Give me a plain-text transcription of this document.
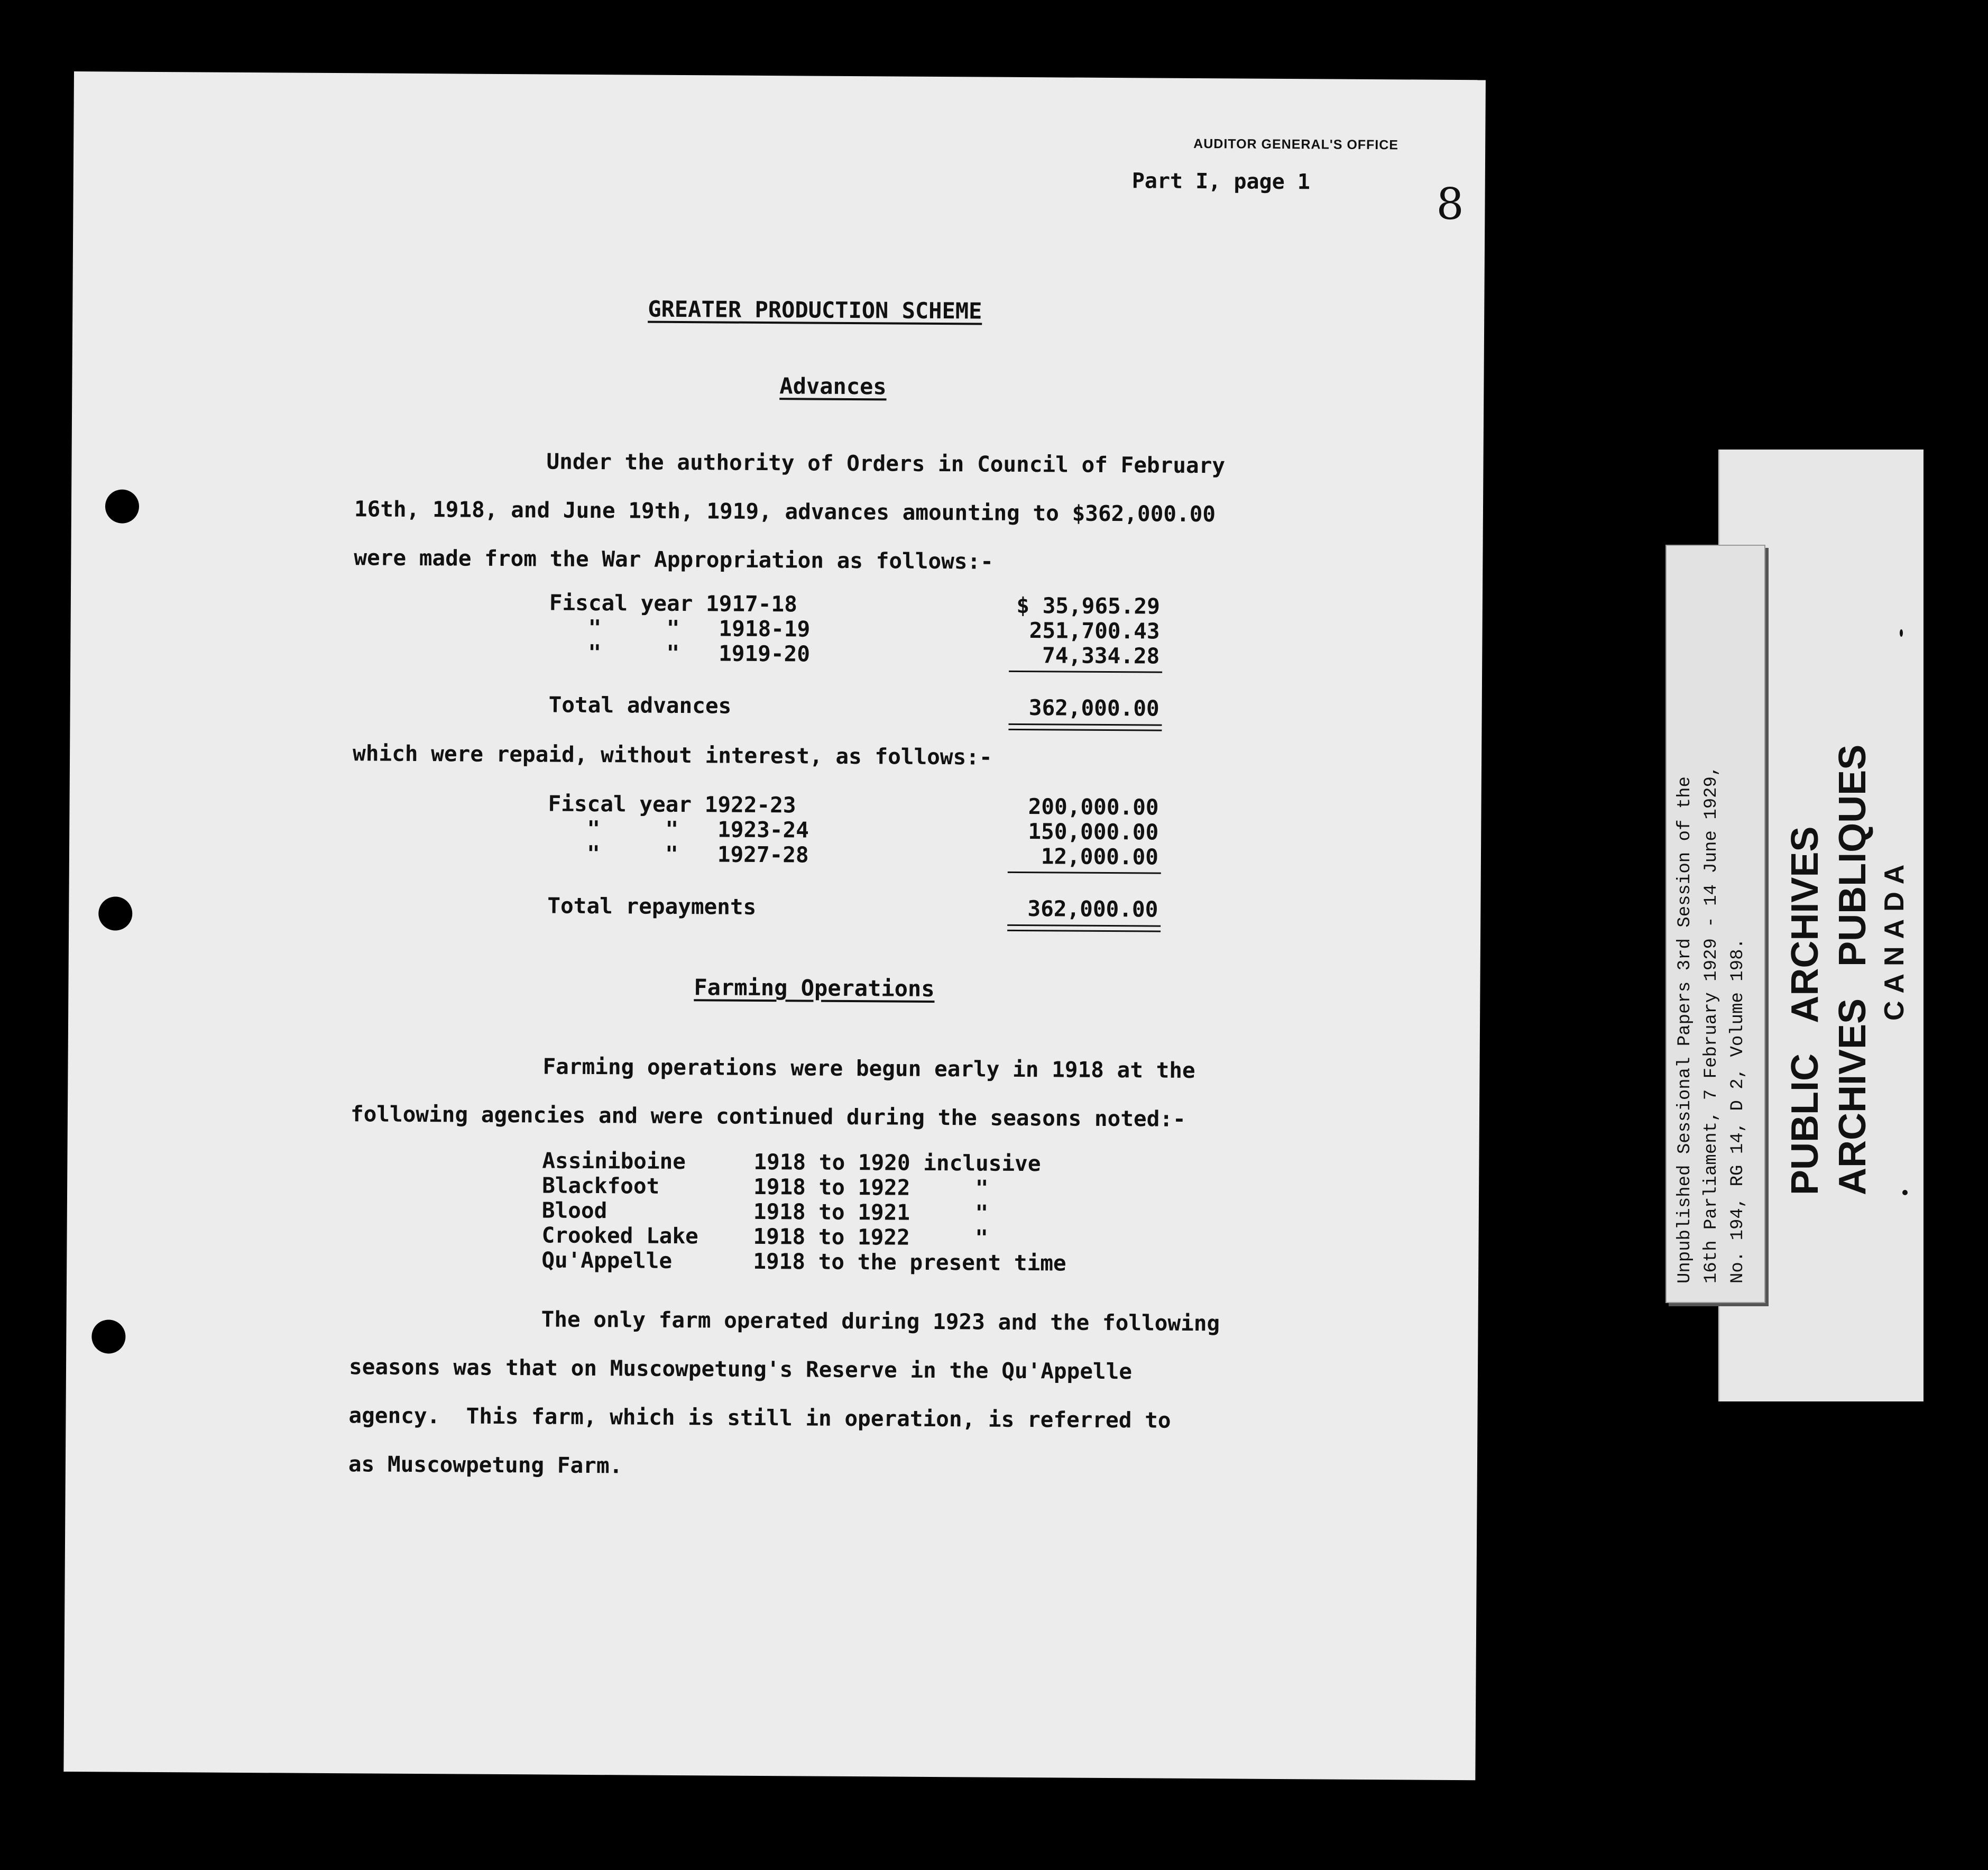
AUDITOR GENERAL'S OFFICE
Part I, page 1	8
GREATER PRODUCTION SCHEME
Advances
Under the authority of Orders in Council of February
16th, 1918, and June 19th, 1919, advances amounting to $362,000.00
were made from the War Appropriation as follows:-
Fiscal year 1917-18	$ 35,965.29
"     "   1918-19	251,700.43
"     "   1919-20	74,334.28
Total advances	362,000.00
which were repaid, without interest, as follows:-
Fiscal year 1922-23	200,000.00
"     "   1923-24	150,000.00
"     "   1927-28	12,000.00
Total repayments	362,000.00
Farming Operations
Farming operations were begun early in 1918 at the
following agencies and were continued during the seasons noted:-
Assiniboine	1918 to 1920 inclusive
Blackfoot	1918 to 1922     "
Blood	1918 to 1921     "
Crooked Lake	1918 to 1922     "
Qu'Appelle	1918 to the present time
The only farm operated during 1923 and the following
seasons was that on Muscowpetung's Reserve in the Qu'Appelle
agency.  This farm, which is still in operation, is referred to
as Muscowpetung Farm.
PUBLIC   ARCHIVES ARCHIVES   PUBLIQUES CANADA
Unpublished Sessional Papers 3rd Session of the 16th Parliament, 7 February 1929 - 14 June 1929, No. 194, RG 14, D 2, Volume 198.
